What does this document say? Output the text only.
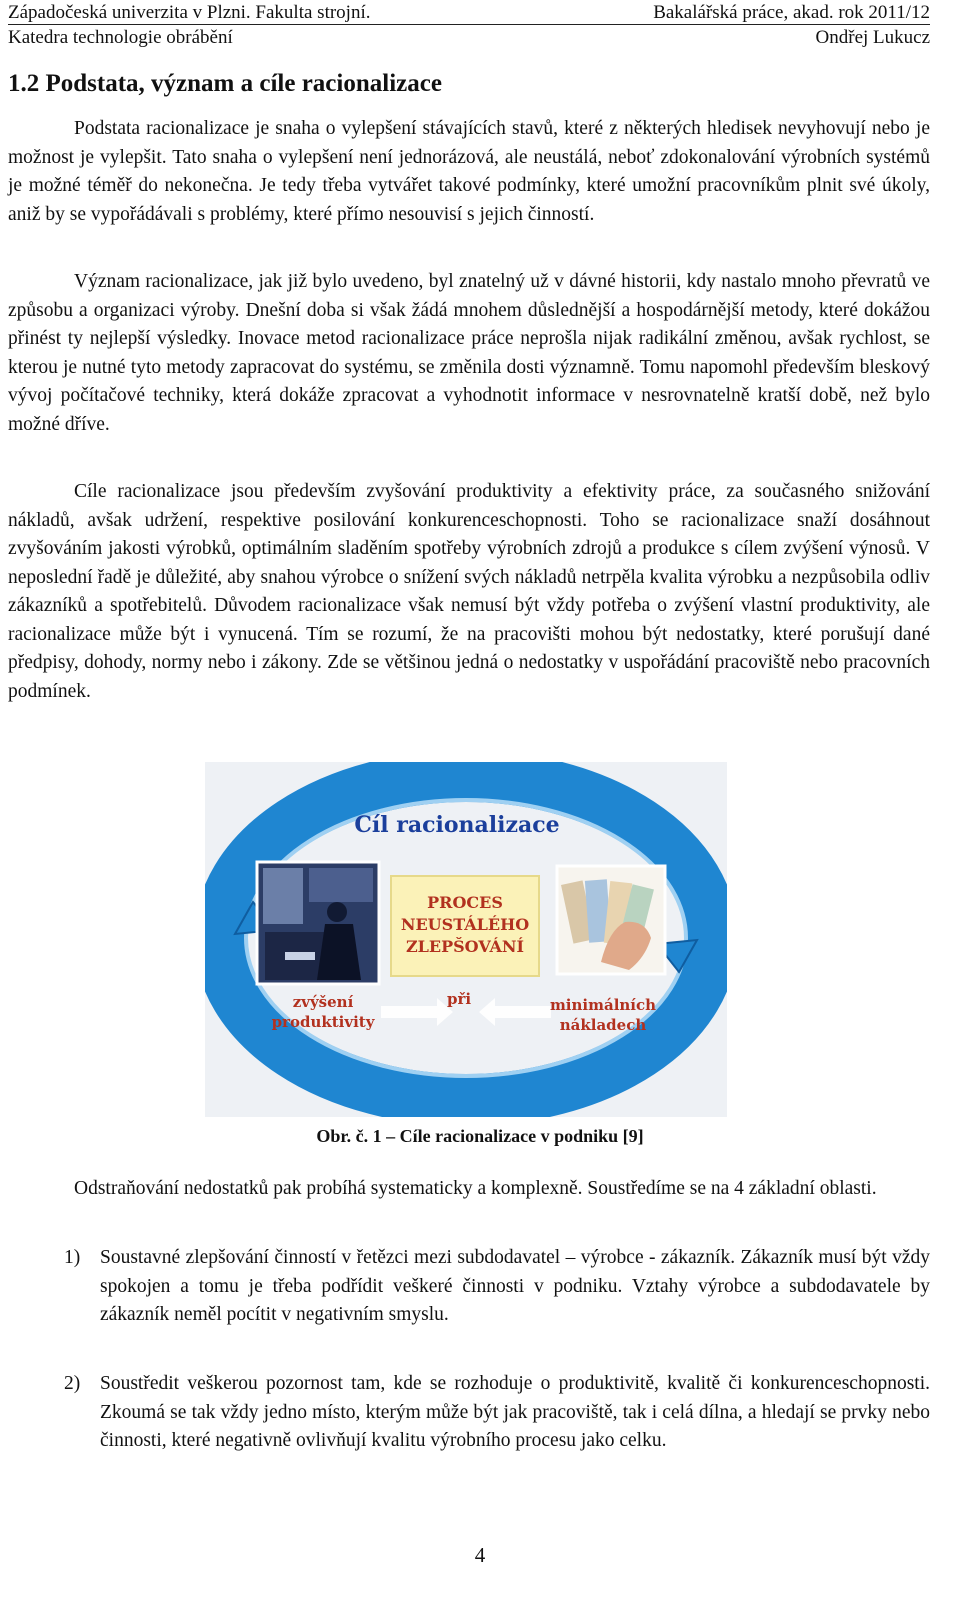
Západočeská univerzita v Plzni. Fakulta strojní.	Bakalářská práce, akad. rok 2011/12
Katedra technologie obrábění	Ondřej Lukucz
1.2 Podstata, význam a cíle racionalizace

Podstata racionalizace je snaha o vylepšení stávajících stavů, které z některých hledisek nevyhovují nebo je možnost je vylepšit. Tato snaha o vylepšení není jednorázová, ale neustálá, neboť zdokonalování výrobních systémů je možné téměř do nekonečna. Je tedy třeba vytvářet takové podmínky, které umožní pracovníkům plnit své úkoly, aniž by se vypořádávali s problémy, které přímo nesouvisí s jejich činností.

Význam racionalizace, jak již bylo uvedeno, byl znatelný už v dávné historii, kdy nastalo mnoho převratů ve způsobu a organizaci výroby. Dnešní doba si však žádá mnohem důslednější a hospodárnější metody, které dokážou přinést ty nejlepší výsledky. Inovace metod racionalizace práce neprošla nijak radikální změnou, avšak rychlost, se kterou je nutné tyto metody zapracovat do systému, se změnila dosti významně. Tomu napomohl především bleskový vývoj počítačové techniky, která dokáže zpracovat a vyhodnotit informace v nesrovnatelně kratší době, než bylo možné dříve.

Cíle racionalizace jsou především zvyšování produktivity a efektivity práce, za současného snižování nákladů, avšak udržení, respektive posilování konkurenceschopnosti. Toho se racionalizace snaží dosáhnout zvyšováním jakosti výrobků, optimálním sladěním spotřeby výrobních zdrojů a produkce s cílem zvýšení výnosů. V neposlední řadě je důležité, aby snahou výrobce o snížení svých nákladů netrpěla kvalita výrobku a nezpůsobila odliv zákazníků a spotřebitelů. Důvodem racionalizace však nemusí být vždy potřeba o zvýšení vlastní produktivity, ale racionalizace může být i vynucená. Tím se rozumí, že na pracovišti mohou být nedostatky, které porušují dané předpisy, dohody, normy nebo i zákony. Zde se většinou jedná o nedostatky v uspořádání pracoviště nebo pracovních podmínek.

Cíl racionalizace
PROCES
NEUSTÁLÉHO
ZLEPŠOVÁNÍ
zvýšení
produktivity
při	minimálních
nákladech
Obr. č. 1 – Cíle racionalizace v podniku [9]

Odstraňování nedostatků pak probíhá systematicky a komplexně. Soustředíme se na 4 základní oblasti.

1) Soustavné zlepšování činností v řetězci mezi subdodavatel – výrobce - zákazník. Zákazník musí být vždy spokojen a tomu je třeba podřídit veškeré činnosti v podniku. Vztahy výrobce a subdodavatele by zákazník neměl pocítit v negativním smyslu.
2) Soustředit veškerou pozornost tam, kde se rozhoduje o produktivitě, kvalitě či konkurenceschopnosti. Zkoumá se tak vždy jedno místo, kterým může být jak pracoviště, tak i celá dílna, a hledají se prvky nebo činnosti, které negativně ovlivňují kvalitu výrobního procesu jako celku.
4
